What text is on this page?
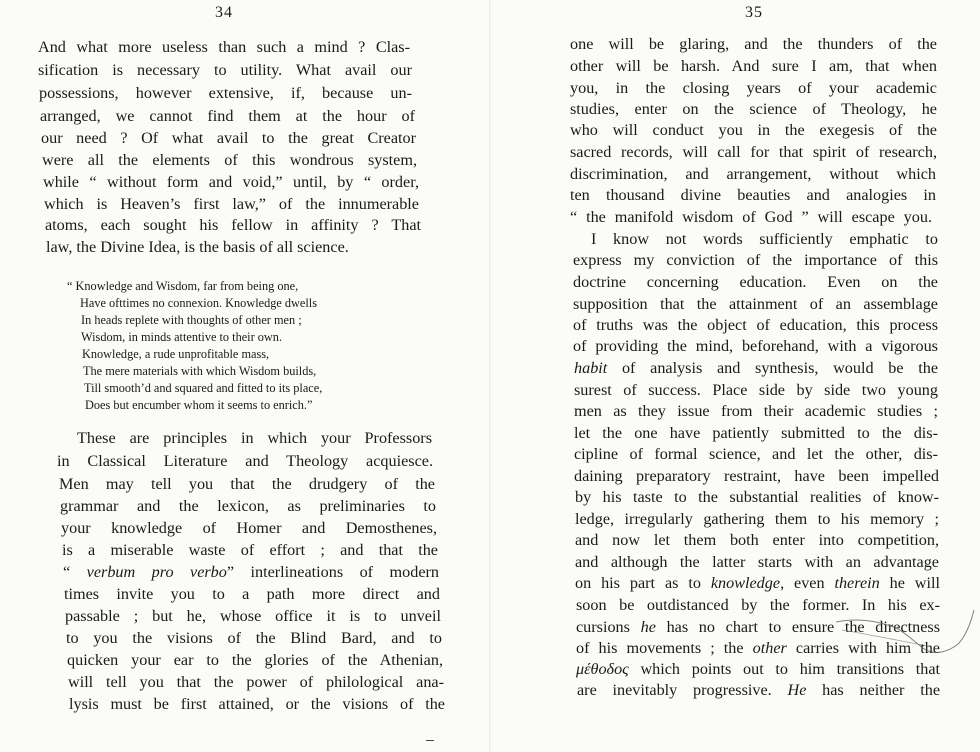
34
And what more useless than such a mind ? Clas-
sification is necessary to utility. What avail our
possessions, however extensive, if, because un-
arranged, we cannot find them at the hour of
our need ? Of what avail to the great Creator
were all the elements of this wondrous system,
while “ without form and void,” until, by “ order,
which is Heaven’s first law,” of the innumerable
atoms, each sought his fellow in affinity ? That
law, the Divine Idea, is the basis of all science.
“ Knowledge and Wisdom, far from being one,
Have ofttimes no connexion. Knowledge dwells
In heads replete with thoughts of other men ;
Wisdom, in minds attentive to their own.
Knowledge, a rude unprofitable mass,
The mere materials with which Wisdom builds,
Till smooth’d and squared and fitted to its place,
Does but encumber whom it seems to enrich.”
These are principles in which your Professors
in Classical Literature and Theology acquiesce.
Men may tell you that the drudgery of the
grammar and the lexicon, as preliminaries to
your knowledge of Homer and Demosthenes,
is a miserable waste of effort ; and that the
“ verbum pro verbo” interlineations of modern
times invite you to a path more direct and
passable ; but he, whose office it is to unveil
to you the visions of the Blind Bard, and to
quicken your ear to the glories of the Athenian,
will tell you that the power of philological ana-
lysis must be first attained, or the visions of the
35
one will be glaring, and the thunders of the
other will be harsh. And sure I am, that when
you, in the closing years of your academic
studies, enter on the science of Theology, he
who will conduct you in the exegesis of the
sacred records, will call for that spirit of research,
discrimination, and arrangement, without which
ten thousand divine beauties and analogies in
“ the manifold wisdom of God ” will escape you.
I know not words sufficiently emphatic to
express my conviction of the importance of this
doctrine concerning education. Even on the
supposition that the attainment of an assemblage
of truths was the object of education, this process
of providing the mind, beforehand, with a vigorous
habit of analysis and synthesis, would be the
surest of success. Place side by side two young
men as they issue from their academic studies ;
let the one have patiently submitted to the dis-
cipline of formal science, and let the other, dis-
daining preparatory restraint, have been impelled
by his taste to the substantial realities of know-
ledge, irregularly gathering them to his memory ;
and now let them both enter into competition,
and although the latter starts with an advantage
on his part as to knowledge, even therein he will
soon be outdistanced by the former. In his ex-
cursions he has no chart to ensure the directness
of his movements ; the other carries with him the
μέθοδος which points out to him transitions that
are inevitably progressive. He has neither the
